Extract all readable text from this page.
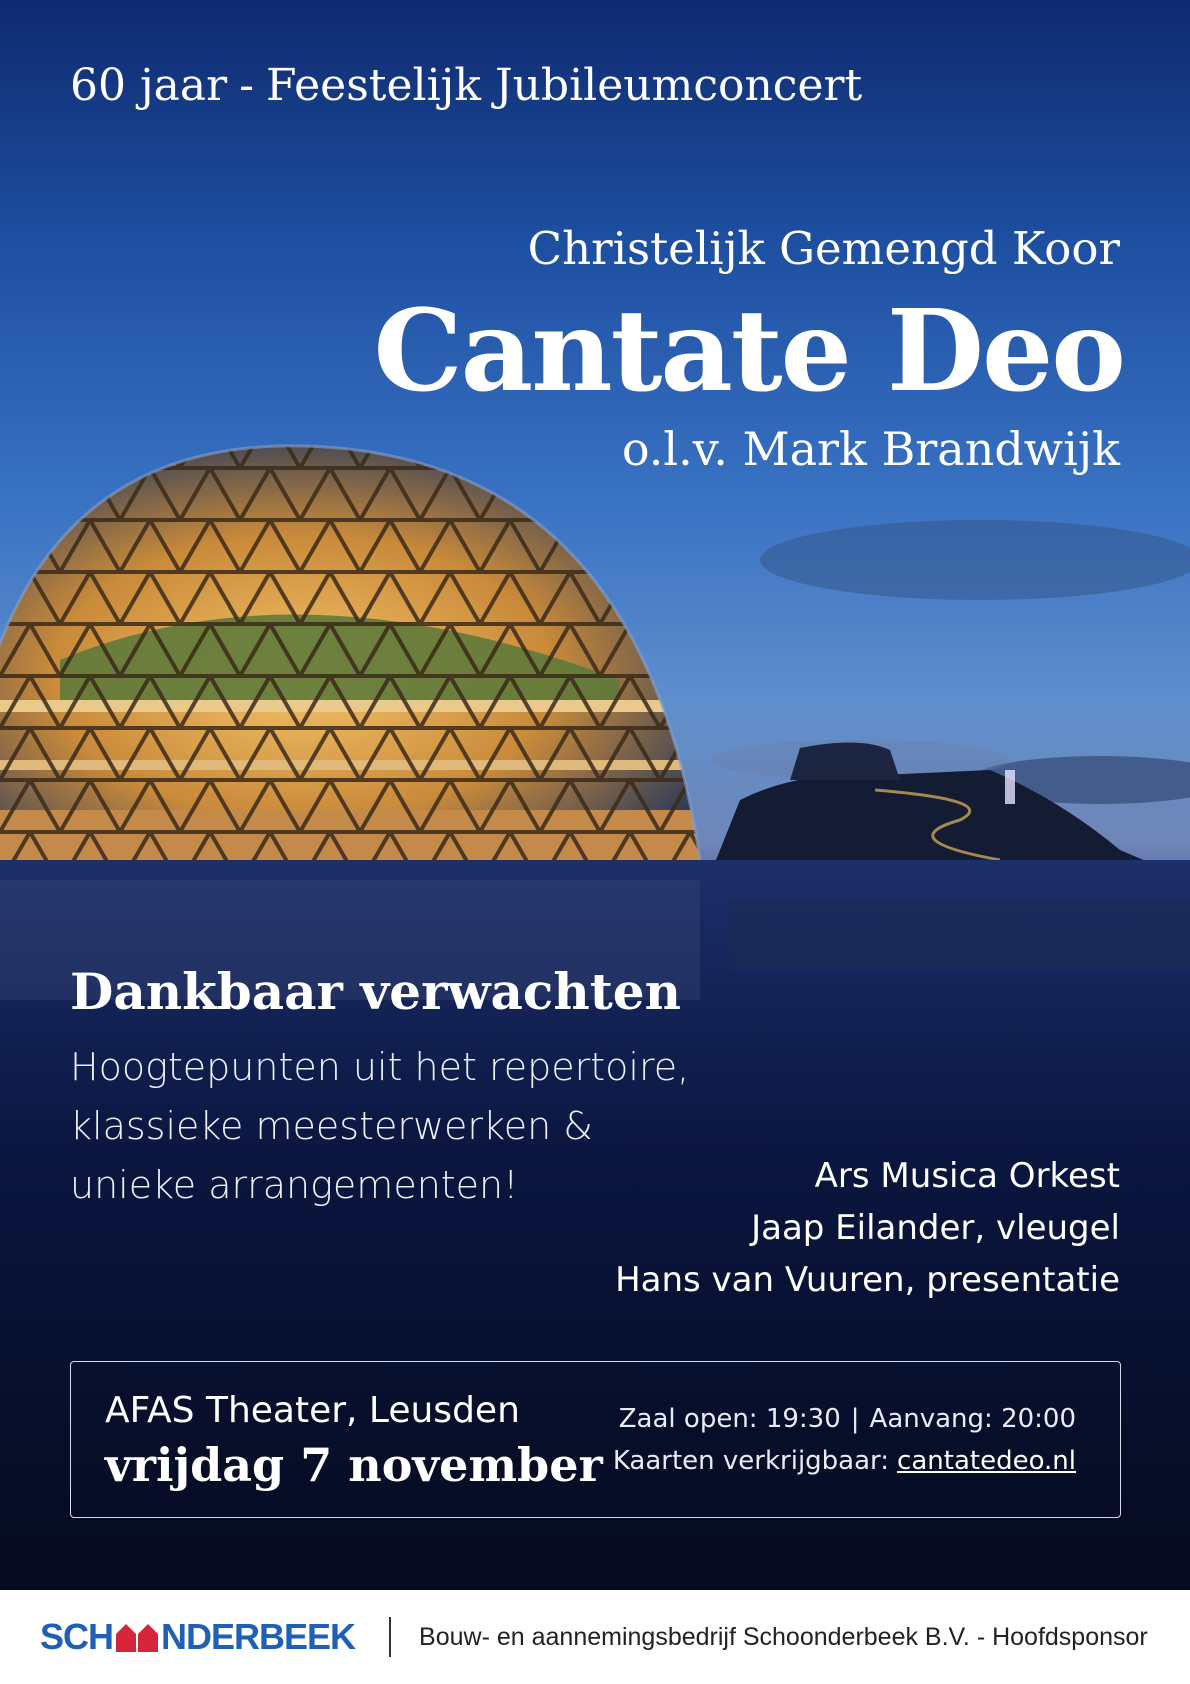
60 jaar - Feestelijk Jubileumconcert
Christelijk Gemengd Koor
Cantate Deo
o.l.v. Mark Brandwijk
Dankbaar verwachten
Hoogtepunten uit het repertoire,
klassieke meesterwerken &
unieke arrangementen!	Ars Musica Orkest
Jaap Eilander, vleugel
Hans van Vuuren, presentatie
AFAS Theater, Leusden
vrijdag 7 november
Zaal open: 19:30 | Aanvang: 20:00
Kaarten verkrijgbaar: cantatedeo.nl
SCH NDERBEEK	Bouw- en aannemingsbedrijf Schoonderbeek B.V. - Hoofdsponsor
